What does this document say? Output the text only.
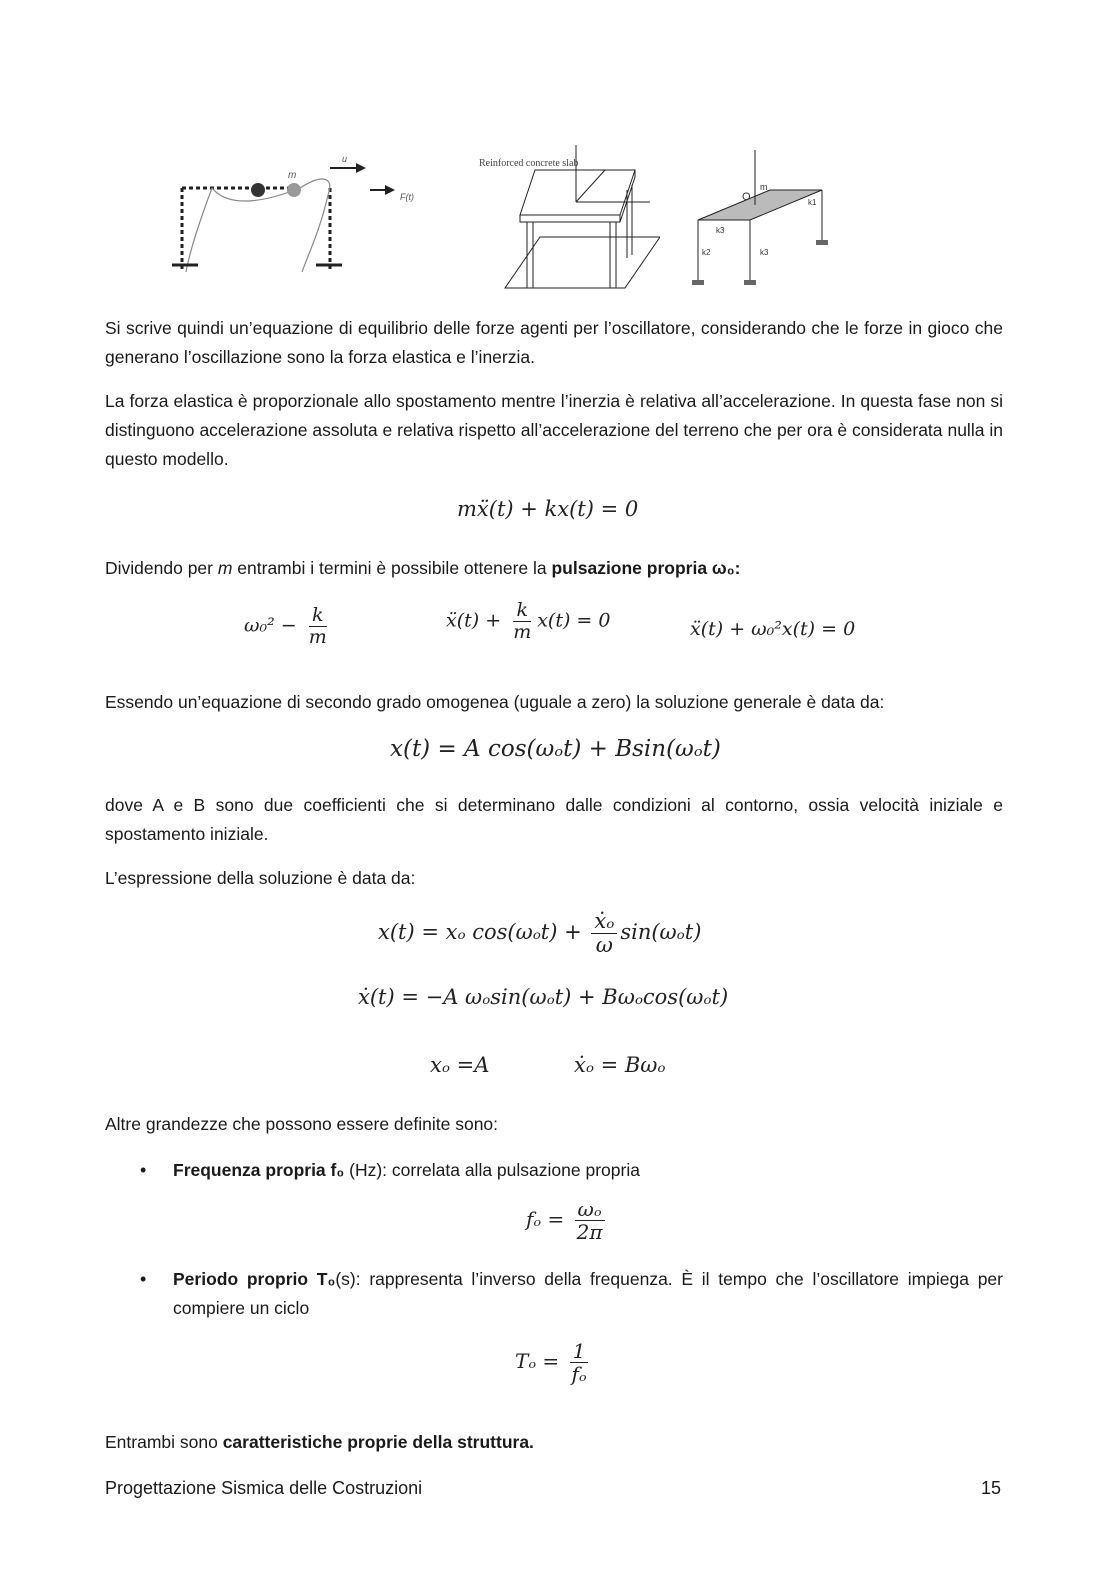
m
u
F(t)
Reinforced concrete slab
O
m
k1
k2
k3
k3
Si scrive quindi un’equazione di equilibrio delle forze agenti per l’oscillatore, considerando che le forze in gioco che generano l’oscillazione sono la forza elastica e l’inerzia.
La forza elastica è proporzionale allo spostamento mentre l’inerzia è relativa all’accelerazione. In questa fase non si distinguono accelerazione assoluta e relativa rispetto all’accelerazione del terreno che per ora è considerata nulla in questo modello.
mẍ(t) + kx(t) = 0
Dividendo per m entrambi i termini è possibile ottenere la pulsazione propria ω₀:
$\omega_0^2 - \frac{k}{m}$	ẍ(t) + $\frac{k}{m} x(t) = 0$	ẍ(t) + ω₀²x(t) = 0
Essendo un’equazione di secondo grado omogenea (uguale a zero) la soluzione generale è data da:
x(t) = A cos(ωₒt) + Bsin(ωₒt)
dove A e B sono due coefficienti che si determinano dalle condizioni al contorno, ossia velocità iniziale e spostamento iniziale.
L’espressione della soluzione è data da:
x(t) = xₒ $\cos(\omega_ot) + \frac{\text{ẋₒ}}{\omega} \sin(\omega_ot)$
ẋ(t) = −A ωₒsin(ωₒt) + Bωₒcos(ωₒt)
xₒ =A	ẋₒ = Bωₒ
Altre grandezze che possono essere definite sono:
• Frequenza propria f₀ (Hz): correlata alla pulsazione propria
$f_o = \frac{\text{ωₒ}}{2\pi}$
• Periodo proprio T₀(s): rappresenta l’inverso della frequenza. È il tempo che l’oscillatore impiega per compiere un ciclo
$T_o = \frac{1}{\text{fₒ}}$
Entrambi sono caratteristiche proprie della struttura.
Progettazione Sismica delle Costruzioni	15
